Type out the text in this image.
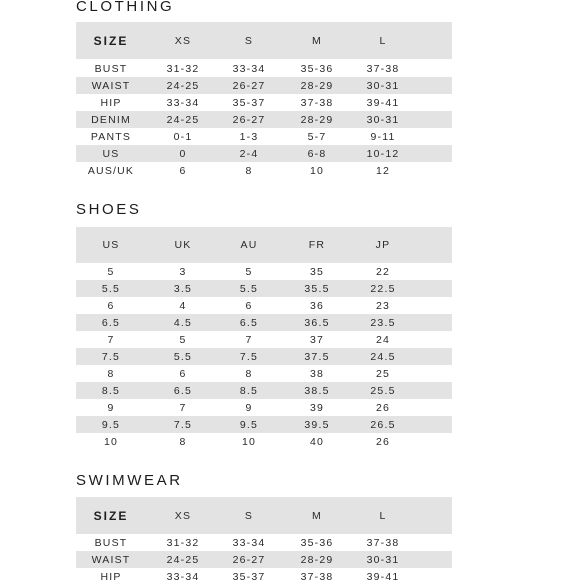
CLOTHING
SIZE	XS	S	M	L
BUST	31-32	33-34	35-36	37-38
WAIST	24-25	26-27	28-29	30-31
HIP	33-34	35-37	37-38	39-41
DENIM	24-25	26-27	28-29	30-31
PANTS	0-1	1-3	5-7	9-11
US	0	2-4	6-8	10-12
AUS/UK	6	8	10	12
SHOES
US	UK	AU	FR	JP
5	3	5	35	22
5.5	3.5	5.5	35.5	22.5
6	4	6	36	23
6.5	4.5	6.5	36.5	23.5
7	5	7	37	24
7.5	5.5	7.5	37.5	24.5
8	6	8	38	25
8.5	6.5	8.5	38.5	25.5
9	7	9	39	26
9.5	7.5	9.5	39.5	26.5
10	8	10	40	26
SWIMWEAR
SIZE	XS	S	M	L
BUST	31-32	33-34	35-36	37-38
WAIST	24-25	26-27	28-29	30-31
HIP	33-34	35-37	37-38	39-41
